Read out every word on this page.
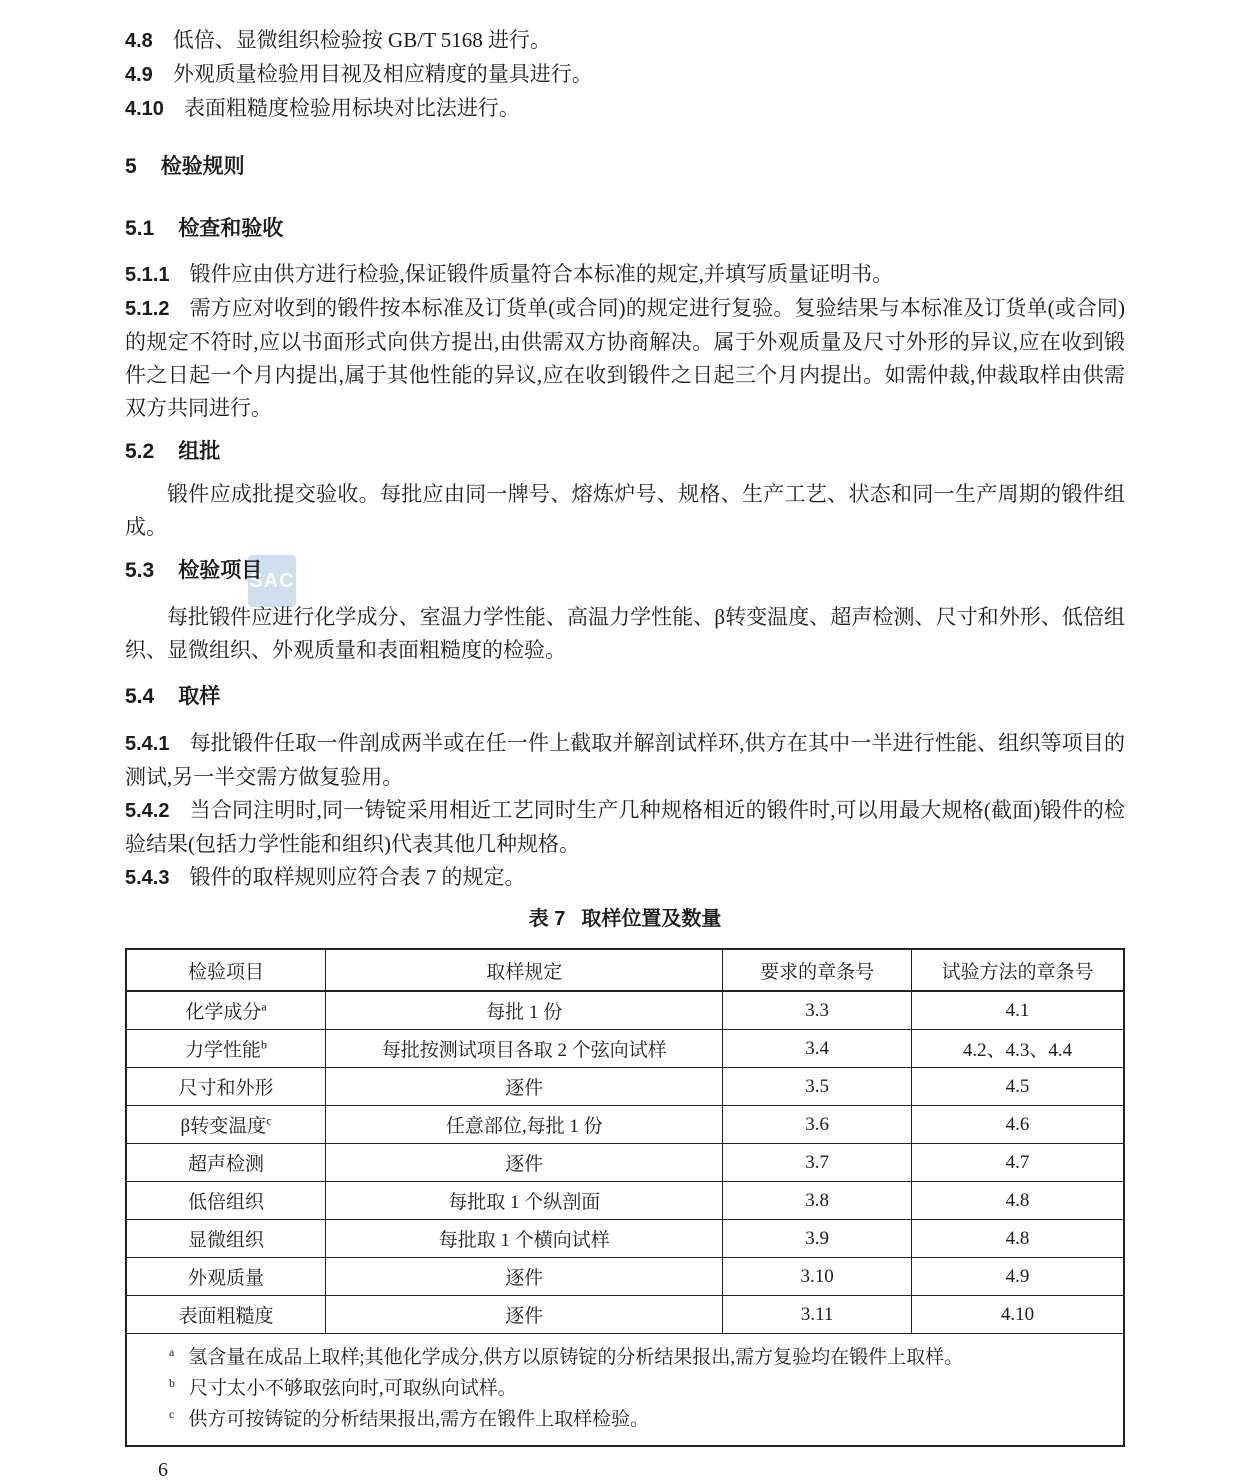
SAC

4.8 低倍、显微组织检验按 GB/T 5168 进行。

4.9 外观质量检验用目视及相应精度的量具进行。

4.10 表面粗糙度检验用标块对比法进行。

5 检验规则

5.1 检查和验收

5.1.1 锻件应由供方进行检验,保证锻件质量符合本标准的规定,并填写质量证明书。

5.1.2 需方应对收到的锻件按本标准及订货单(或合同)的规定进行复验。复验结果与本标准及订货单(或合同)的规定不符时,应以书面形式向供方提出,由供需双方协商解决。属于外观质量及尺寸外形的异议,应在收到锻件之日起一个月内提出,属于其他性能的异议,应在收到锻件之日起三个月内提出。如需仲裁,仲裁取样由供需双方共同进行。

5.2 组批

锻件应成批提交验收。每批应由同一牌号、熔炼炉号、规格、生产工艺、状态和同一生产周期的锻件组成。

5.3 检验项目

每批锻件应进行化学成分、室温力学性能、高温力学性能、β转变温度、超声检测、尺寸和外形、低倍组织、显微组织、外观质量和表面粗糙度的检验。

5.4 取样

5.4.1 每批锻件任取一件剖成两半或在任一件上截取并解剖试样环,供方在其中一半进行性能、组织等项目的测试,另一半交需方做复验用。

5.4.2 当合同注明时,同一铸锭采用相近工艺同时生产几种规格相近的锻件时,可以用最大规格(截面)锻件的检验结果(包括力学性能和组织)代表其他几种规格。

5.4.3 锻件的取样规则应符合表 7 的规定。

表 7 取样位置及数量

检验项目	取样规定	要求的章条号	试验方法的章条号
化学成分$^a$	每批 1 份	3.3	4.1
力学性能$^b$	每批按测试项目各取 2 个弦向试样	3.4	4.2、4.3、4.4
尺寸和外形	逐件	3.5	4.5
β转变温度$^c$	任意部位,每批 1 份	3.6	4.6
超声检测	逐件	3.7	4.7
低倍组织	每批取 1 个纵剖面	3.8	4.8
显微组织	每批取 1 个横向试样	3.9	4.8
外观质量	逐件	3.10	4.9
表面粗糙度	逐件	3.11	4.10

$^a$ 氢含量在成品上取样;其他化学成分,供方以原铸锭的分析结果报出,需方复验均在锻件上取样。
$^b$ 尺寸太小不够取弦向时,可取纵向试样。
$^c$ 供方可按铸锭的分析结果报出,需方在锻件上取样检验。			

6
